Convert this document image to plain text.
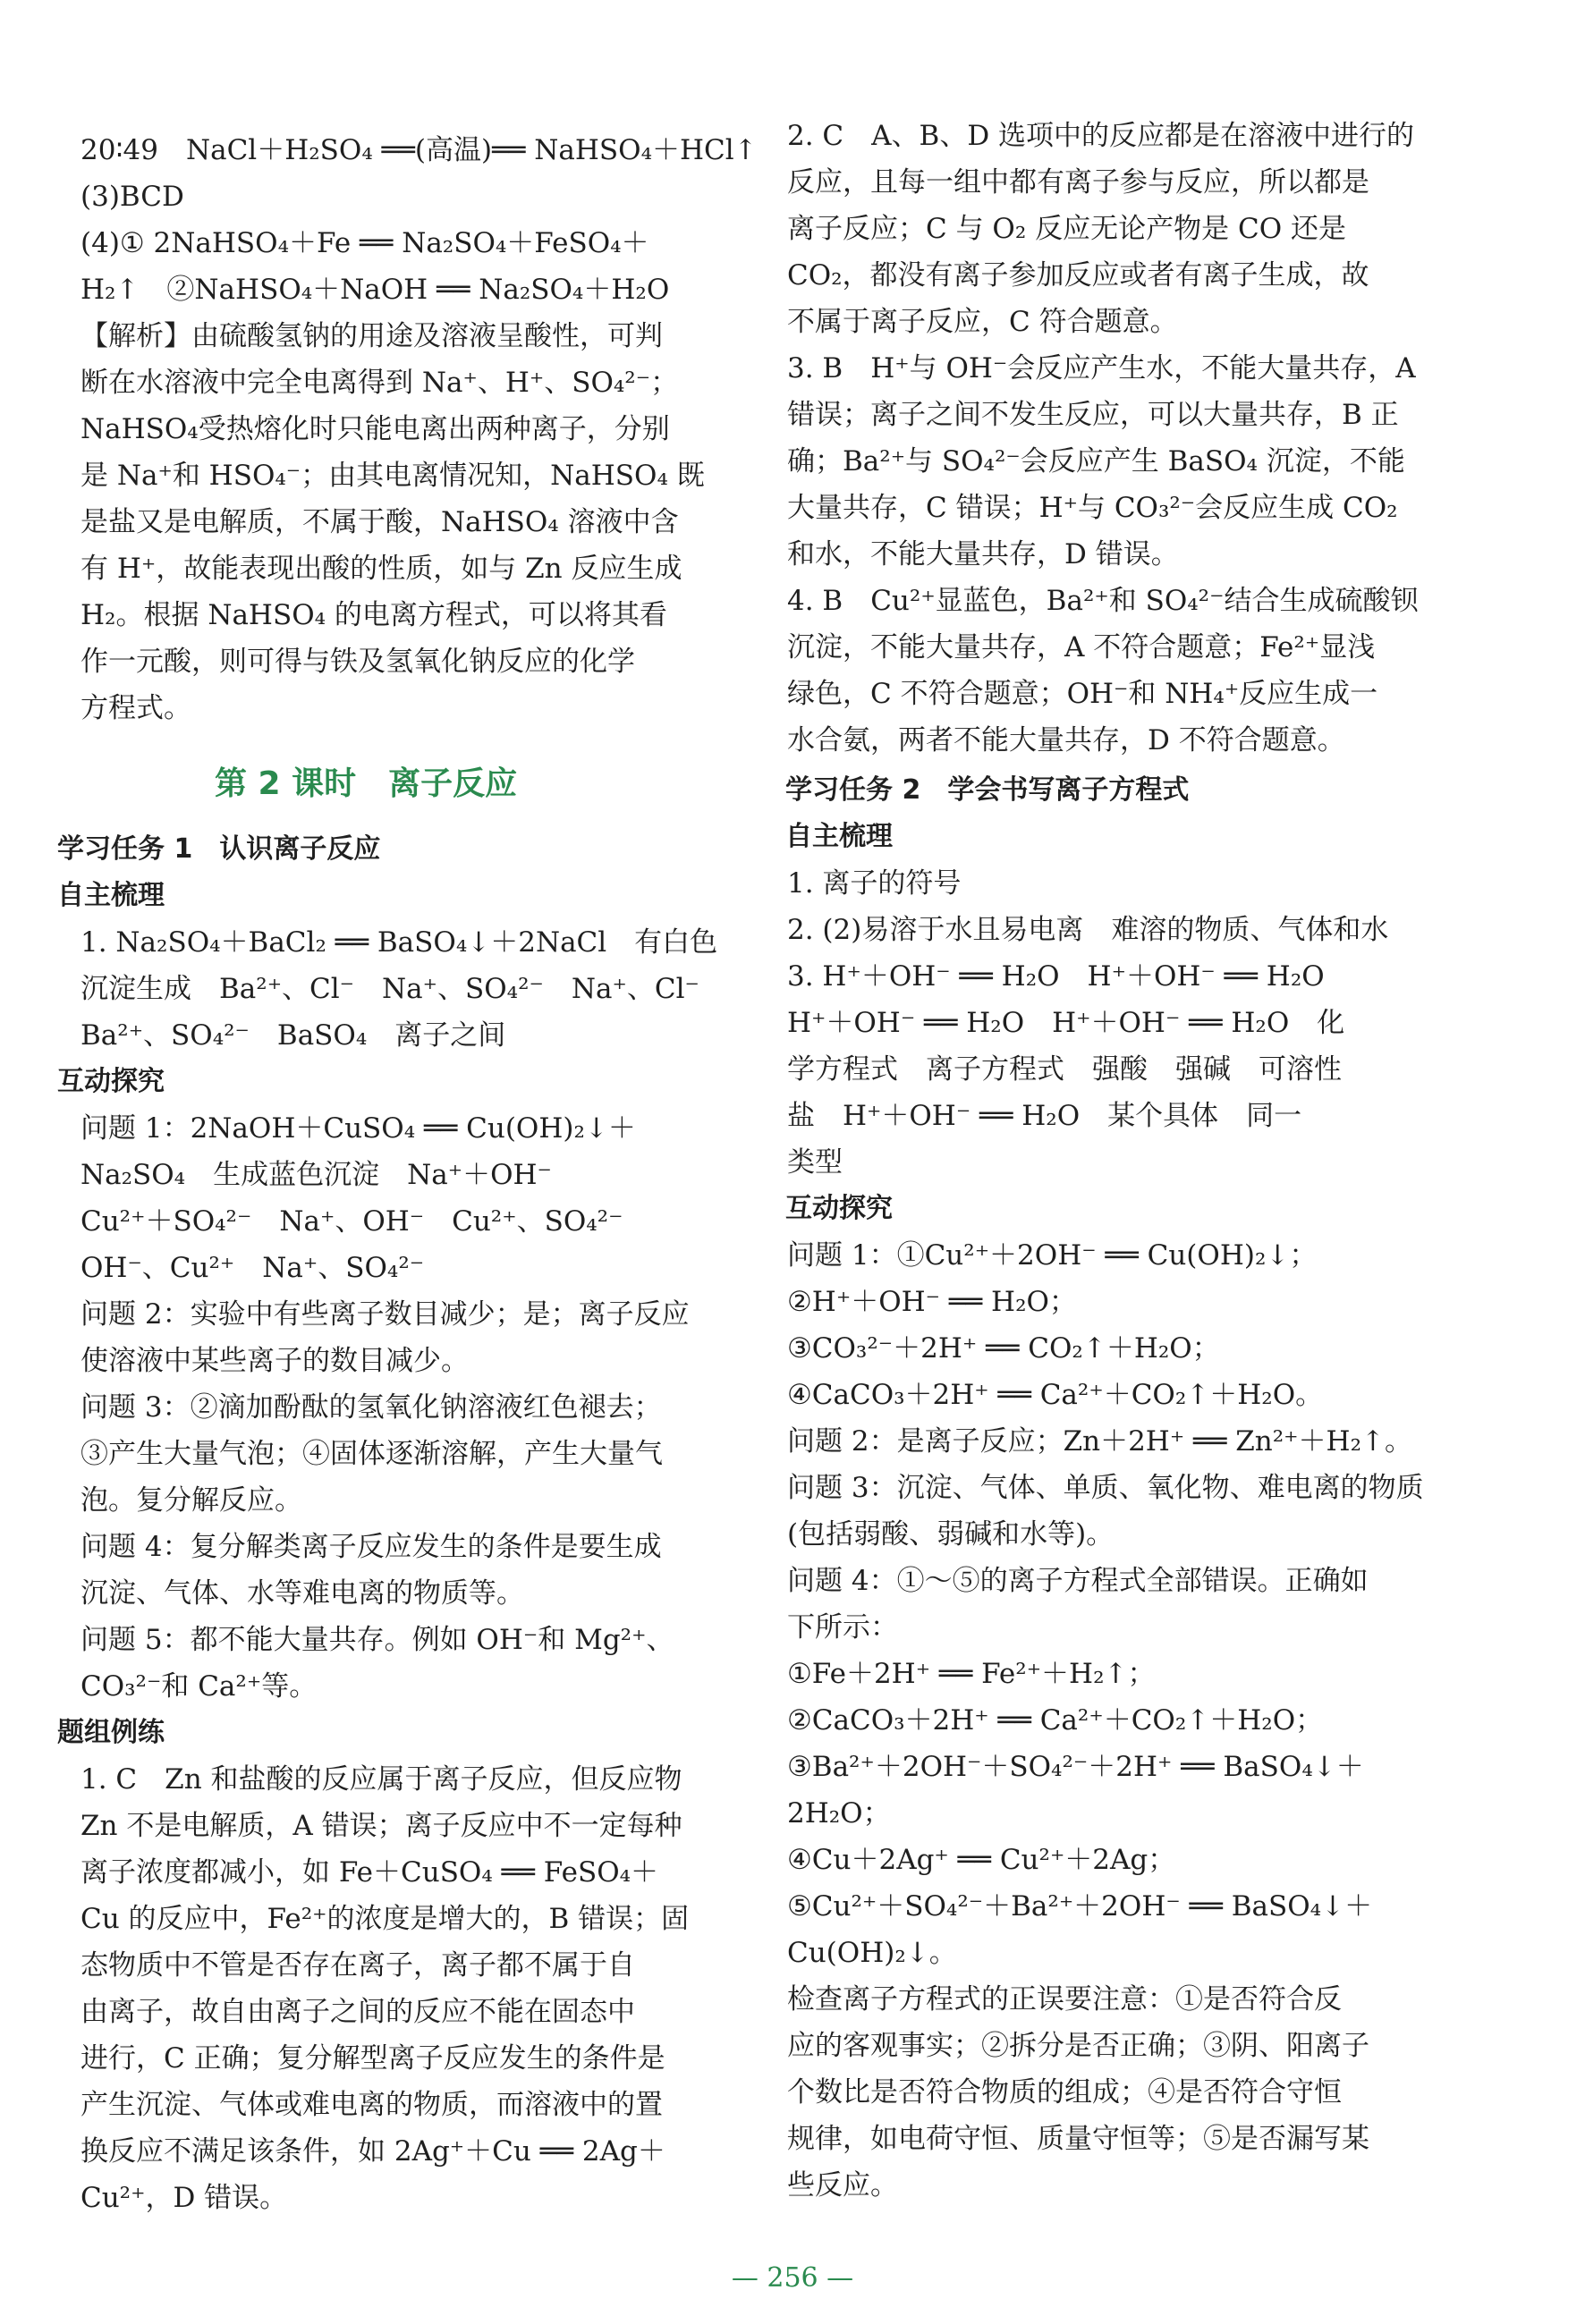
20∶49　NaCl＋H₂SO₄ ══(高温)══ NaHSO₄＋HCl↑
(3)BCD
(4)① 2NaHSO₄＋Fe ══ Na₂SO₄＋FeSO₄＋
H₂↑　②NaHSO₄＋NaOH ══ Na₂SO₄＋H₂O
【解析】由硫酸氢钠的用途及溶液呈酸性，可判
断在水溶液中完全电离得到 Na⁺、H⁺、SO₄²⁻；
NaHSO₄受热熔化时只能电离出两种离子，分别
是 Na⁺和 HSO₄⁻；由其电离情况知，NaHSO₄ 既
是盐又是电解质，不属于酸，NaHSO₄ 溶液中含
有 H⁺，故能表现出酸的性质，如与 Zn 反应生成
H₂。根据 NaHSO₄ 的电离方程式，可以将其看
作一元酸，则可得与铁及氢氧化钠反应的化学
方程式。
第 2 课时　离子反应
学习任务 1　认识离子反应
自主梳理
1. Na₂SO₄＋BaCl₂ ══ BaSO₄↓＋2NaCl　有白色
沉淀生成　Ba²⁺、Cl⁻　Na⁺、SO₄²⁻　Na⁺、Cl⁻
Ba²⁺、SO₄²⁻　BaSO₄　离子之间
互动探究
问题 1：2NaOH＋CuSO₄ ══ Cu(OH)₂↓＋
Na₂SO₄　生成蓝色沉淀　Na⁺＋OH⁻
Cu²⁺＋SO₄²⁻　Na⁺、OH⁻　Cu²⁺、SO₄²⁻
OH⁻、Cu²⁺　Na⁺、SO₄²⁻
问题 2：实验中有些离子数目减少；是；离子反应
使溶液中某些离子的数目减少。
问题 3：②滴加酚酞的氢氧化钠溶液红色褪去；
③产生大量气泡；④固体逐渐溶解，产生大量气
泡。复分解反应。
问题 4：复分解类离子反应发生的条件是要生成
沉淀、气体、水等难电离的物质等。
问题 5：都不能大量共存。例如 OH⁻和 Mg²⁺、
CO₃²⁻和 Ca²⁺等。
题组例练
1. C　Zn 和盐酸的反应属于离子反应，但反应物
Zn 不是电解质，A 错误；离子反应中不一定每种
离子浓度都减小，如 Fe＋CuSO₄ ══ FeSO₄＋
Cu 的反应中，Fe²⁺的浓度是增大的，B 错误；固
态物质中不管是否存在离子，离子都不属于自
由离子，故自由离子之间的反应不能在固态中
进行，C 正确；复分解型离子反应发生的条件是
产生沉淀、气体或难电离的物质，而溶液中的置
换反应不满足该条件，如 2Ag⁺＋Cu ══ 2Ag＋
Cu²⁺，D 错误。
2. C　A、B、D 选项中的反应都是在溶液中进行的
反应，且每一组中都有离子参与反应，所以都是
离子反应；C 与 O₂ 反应无论产物是 CO 还是
CO₂，都没有离子参加反应或者有离子生成，故
不属于离子反应，C 符合题意。
3. B　H⁺与 OH⁻会反应产生水，不能大量共存，A
错误；离子之间不发生反应，可以大量共存，B 正
确；Ba²⁺与 SO₄²⁻会反应产生 BaSO₄ 沉淀，不能
大量共存，C 错误；H⁺与 CO₃²⁻会反应生成 CO₂
和水，不能大量共存，D 错误。
4. B　Cu²⁺显蓝色，Ba²⁺和 SO₄²⁻结合生成硫酸钡
沉淀，不能大量共存，A 不符合题意；Fe²⁺显浅
绿色，C 不符合题意；OH⁻和 NH₄⁺反应生成一
水合氨，两者不能大量共存，D 不符合题意。
学习任务 2　学会书写离子方程式
自主梳理
1. 离子的符号
2. (2)易溶于水且易电离　难溶的物质、气体和水
3. H⁺＋OH⁻ ══ H₂O　H⁺＋OH⁻ ══ H₂O
H⁺＋OH⁻ ══ H₂O　H⁺＋OH⁻ ══ H₂O　化
学方程式　离子方程式　强酸　强碱　可溶性
盐　H⁺＋OH⁻ ══ H₂O　某个具体　同一
类型
互动探究
问题 1：①Cu²⁺＋2OH⁻ ══ Cu(OH)₂↓；
②H⁺＋OH⁻ ══ H₂O；
③CO₃²⁻＋2H⁺ ══ CO₂↑＋H₂O；
④CaCO₃＋2H⁺ ══ Ca²⁺＋CO₂↑＋H₂O。
问题 2：是离子反应；Zn＋2H⁺ ══ Zn²⁺＋H₂↑。
问题 3：沉淀、气体、单质、氧化物、难电离的物质
(包括弱酸、弱碱和水等)。
问题 4：①～⑤的离子方程式全部错误。正确如
下所示：
①Fe＋2H⁺ ══ Fe²⁺＋H₂↑；
②CaCO₃＋2H⁺ ══ Ca²⁺＋CO₂↑＋H₂O；
③Ba²⁺＋2OH⁻＋SO₄²⁻＋2H⁺ ══ BaSO₄↓＋
2H₂O；
④Cu＋2Ag⁺ ══ Cu²⁺＋2Ag；
⑤Cu²⁺＋SO₄²⁻＋Ba²⁺＋2OH⁻ ══ BaSO₄↓＋
Cu(OH)₂↓。
检查离子方程式的正误要注意：①是否符合反
应的客观事实；②拆分是否正确；③阴、阳离子
个数比是否符合物质的组成；④是否符合守恒
规律，如电荷守恒、质量守恒等；⑤是否漏写某
些反应。
— 256 —
